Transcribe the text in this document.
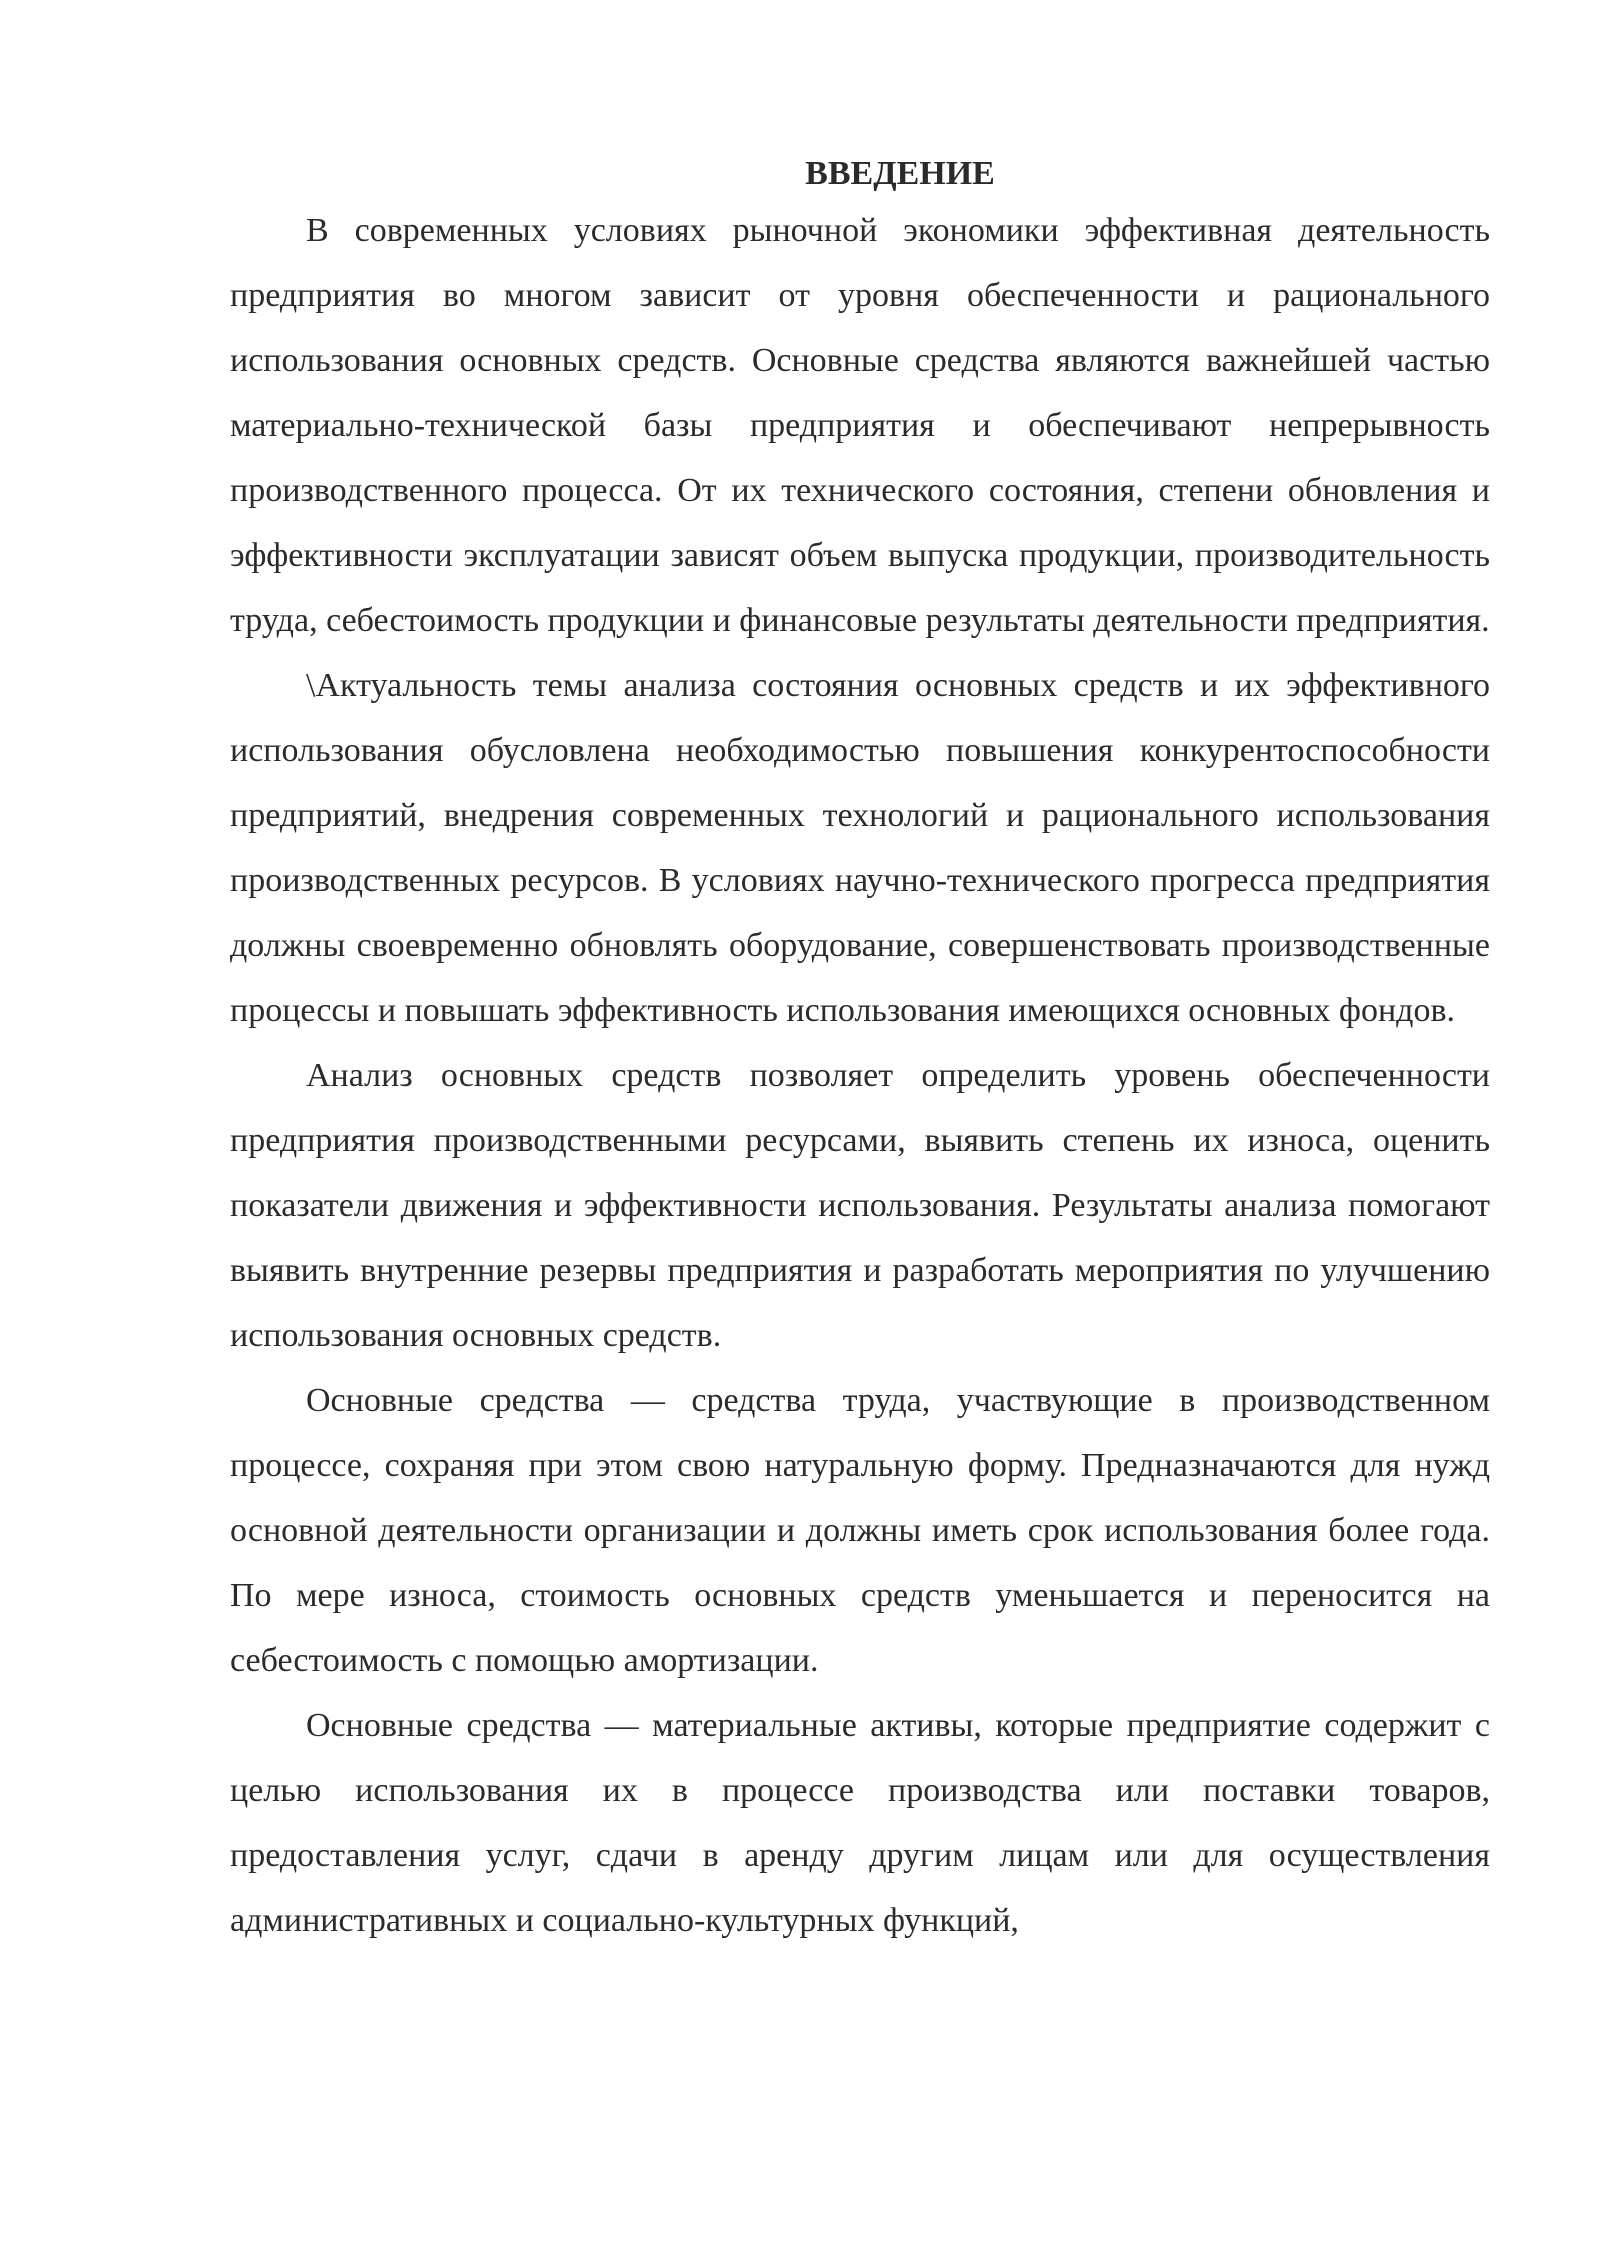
ВВЕДЕНИЕ

В современных условиях рыночной экономики эффективная деятельность предприятия во многом зависит от уровня обеспеченности и рационального использования основных средств. Основные средства являются важнейшей частью материально-технической базы предприятия и обеспечивают непрерывность производственного процесса. От их технического состояния, степени обновления и эффективности эксплуатации зависят объем выпуска продукции, производительность труда, себестоимость продукции и финансовые результаты деятельности предприятия.

\Актуальность темы анализа состояния основных средств и их эффективного использования обусловлена необходимостью повышения конкурентоспособности предприятий, внедрения современных технологий и рационального использования производственных ресурсов. В условиях научно-технического прогресса предприятия должны своевременно обновлять оборудование, совершенствовать производственные процессы и повышать эффективность использования имеющихся основных фондов.

Анализ основных средств позволяет определить уровень обеспеченности предприятия производственными ресурсами, выявить степень их износа, оценить показатели движения и эффективности использования. Результаты анализа помогают выявить внутренние резервы предприятия и разработать мероприятия по улучшению использования основных средств.

Основные средства — средства труда, участвующие в производственном процессе, сохраняя при этом свою натуральную форму. Предназначаются для нужд основной деятельности организации и должны иметь срок использования более года. По мере износа, стоимость основных средств уменьшается и переносится на себестоимость с помощью амортизации.

Основные средства — материальные активы, которые предприятие содержит с целью использования их в процессе производства или поставки товаров, предоставления услуг, сдачи в аренду другим лицам или для осуществления административных и социально-культурных функций,
